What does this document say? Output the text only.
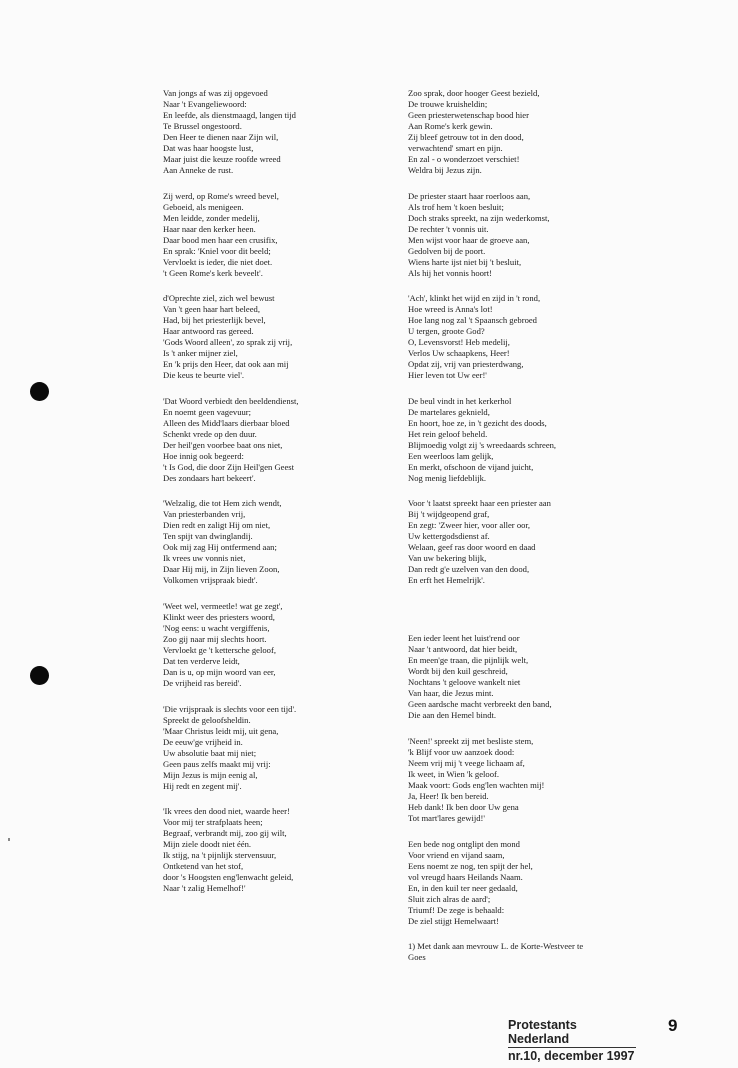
Van jongs af was zij opgevoed
Naar 't Evangeliewoord:
En leefde, als dienstmaagd, langen tijd
Te Brussel ongestoord.
Den Heer te dienen naar Zijn wil,
Dat was haar hoogste lust,
Maar juist die keuze roofde wreed
Aan Anneke de rust.
Zij werd, op Rome's wreed bevel,
Geboeid, als menigeen.
Men leidde, zonder medelij,
Haar naar den kerker heen.
Daar bood men haar een crusifix,
En sprak: 'Kniel voor dit beeld;
Vervloekt is ieder, die niet doet.
't Geen Rome's kerk beveelt'.
d'Oprechte ziel, zich wel bewust
Van 't geen haar hart beleed,
Had, bij het priesterlijk bevel,
Haar antwoord ras gereed.
'Gods Woord alleen', zo sprak zij vrij,
Is 't anker mijner ziel,
En 'k prijs den Heer, dat ook aan mij
Die keus te beurte viel'.
'Dat Woord verbiedt den beeldendienst,
En noemt geen vagevuur;
Alleen des Midd'laars dierbaar bloed
Schenkt vrede op den duur.
Der heil'gen voorbee baat ons niet,
Hoe innig ook begeerd:
't Is God, die door Zijn Heil'gen Geest
Des zondaars hart bekeert'.
'Welzalig, die tot Hem zich wendt,
Van priesterbanden vrij,
Dien redt en zaligt Hij om niet,
Ten spijt van dwinglandij.
Ook mij zag Hij ontfermend aan;
Ik vrees uw vonnis niet,
Daar Hij mij, in Zijn lieven Zoon,
Volkomen vrijspraak biedt'.
'Weet wel, vermeetle! wat ge zegt',
Klinkt weer des priesters woord,
'Nog eens: u wacht vergiffenis,
Zoo gij naar mij slechts hoort.
Vervloekt ge 't kettersche geloof,
Dat ten verderve leidt,
Dan is u, op mijn woord van eer,
De vrijheid ras bereid'.
'Die vrijspraak is slechts voor een tijd'.
Spreekt de geloofsheldin.
'Maar Christus leidt mij, uit gena,
De eeuw'ge vrijheid in.
Uw absolutie baat mij niet;
Geen paus zelfs maakt mij vrij:
Mijn Jezus is mijn eenig al,
Hij redt en zegent mij'.
'Ik vrees den dood niet, waarde heer!
Voor mij ter strafplaats heen;
Begraaf, verbrandt mij, zoo gij wilt,
Mijn ziele doodt niet één.
Ik stijg, na 't pijnlijk stervensuur,
Ontketend van het stof,
door 's Hoogsten eng'lenwacht geleid,
Naar 't zalig Hemelhof!'
Zoo sprak, door hooger Geest bezield,
De trouwe kruisheldin;
Geen priesterwetenschap bood hier
Aan Rome's kerk gewin.
Zij bleef getrouw tot in den dood,
verwachtend' smart en pijn.
En zal - o wonderzoet verschiet!
Weldra bij Jezus zijn.
De priester staart haar roerloos aan,
Als trof hem 't koen besluit;
Doch straks spreekt, na zijn wederkomst,
De rechter 't vonnis uit.
Men wijst voor haar de groeve aan,
Gedolven bij de poort.
Wiens harte ijst niet bij 't besluit,
Als hij het vonnis hoort!
'Ach', klinkt het wijd en zijd in 't rond,
Hoe wreed is Anna's lot!
Hoe lang nog zal 't Spaansch gebroed
U tergen, groote God?
O, Levensvorst! Heb medelij,
Verlos Uw schaapkens, Heer!
Opdat zij, vrij van priesterdwang,
Hier leven tot Uw eer!'
De beul vindt in het kerkerhol
De martelares geknield,
En hoort, hoe ze, in 't gezicht des doods,
Het rein geloof beheld.
Blijmoedig volgt zij 's wreedaards schreen,
Een weerloos lam gelijk,
En merkt, ofschoon de vijand juicht,
Nog menig liefdeblijk.
Voor 't laatst spreekt haar een priester aan
Bij 't wijdgeopend graf,
En zegt: 'Zweer hier, voor aller oor,
Uw kettergodsdienst af.
Welaan, geef ras door woord en daad
Van uw bekering blijk,
Dan redt g'e uzelven van den dood,
En erft het Hemelrijk'.
Een ieder leent het luist'rend oor
Naar 't antwoord, dat hier beidt,
En meen'ge traan, die pijnlijk welt,
Wordt bij den kuil geschreid,
Nochtans 't geloove wankelt niet
Van haar, die Jezus mint.
Geen aardsche macht verbreekt den band,
Die aan den Hemel bindt.
'Neen!' spreekt zij met besliste stem,
'k Blijf voor uw aanzoek dood:
Neem vrij mij 't veege lichaam af,
Ik weet, in Wien 'k geloof.
Maak voort: Gods eng'len wachten mij!
Ja, Heer! Ik ben bereid.
Heb dank! Ik ben door Uw gena
Tot mart'lares gewijd!'
Een bede nog ontglipt den mond
Voor vriend en vijand saam,
Eens noemt ze nog, ten spijt der hel,
vol vreugd haars Heilands Naam.
En, in den kuil ter neer gedaald,
Sluit zich alras de aard';
Triumf! De zege is behaald:
De ziel stijgt Hemelwaart!
1) Met dank aan mevrouw L. de Korte-Westveer te
Goes
Protestants Nederland
nr.10, december 1997
9
